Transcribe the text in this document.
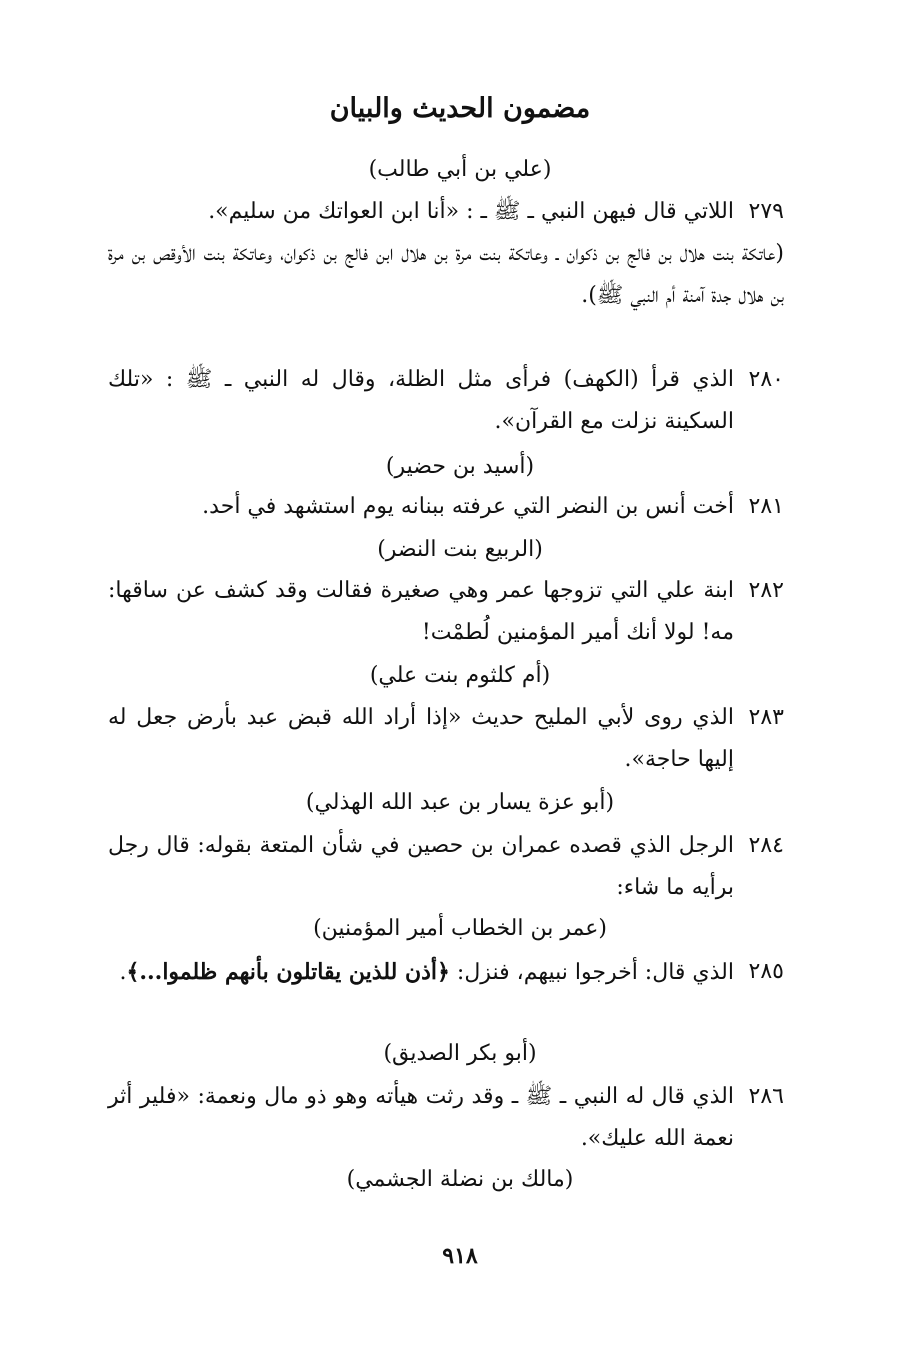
مضمون الحديث والبيان
(علي بن أبي طالب)
٢٧٩
اللاتي قال فيهن النبي ـ ﷺ ـ : «أنا ابن العواتك من سليم».
(عاتكة بنت هلال بن فالج بن ذكوان ـ وعاتكة بنت مرة بن هلال ابن فالج بن ذكوان، وعاتكة بنت الأوقص بن مرة بن هلال جدة آمنة أم النبي ﷺ).
٢٨٠
الذي قرأ (الكهف) فرأى مثل الظلة، وقال له النبي ـ ﷺ : «تلك السكينة نزلت مع القرآن».
(أسيد بن حضير)
٢٨١
أخت أنس بن النضر التي عرفته ببنانه يوم استشهد في أحد.
(الربيع بنت النضر)
٢٨٢
ابنة علي التي تزوجها عمر وهي صغيرة فقالت وقد كشف عن ساقها: مه! لولا أنك أمير المؤمنين لُطمْت!
(أم كلثوم بنت علي)
٢٨٣
الذي روى لأبي المليح حديث «إذا أراد الله قبض عبد بأرض جعل له إليها حاجة».
(أبو عزة يسار بن عبد الله الهذلي)
٢٨٤
الرجل الذي قصده عمران بن حصين في شأن المتعة بقوله: قال رجل برأيه ما شاء:
(عمر بن الخطاب أمير المؤمنين)
٢٨٥
الذي قال: أخرجوا نبيهم، فنزل: ﴿أذن للذين يقاتلون بأنهم ظلموا...﴾.
(أبو بكر الصديق)
٢٨٦
الذي قال له النبي ـ ﷺ ـ وقد رثت هيأته وهو ذو مال ونعمة: «فلير أثر نعمة الله عليك».
(مالك بن نضلة الجشمي)
٩١٨
